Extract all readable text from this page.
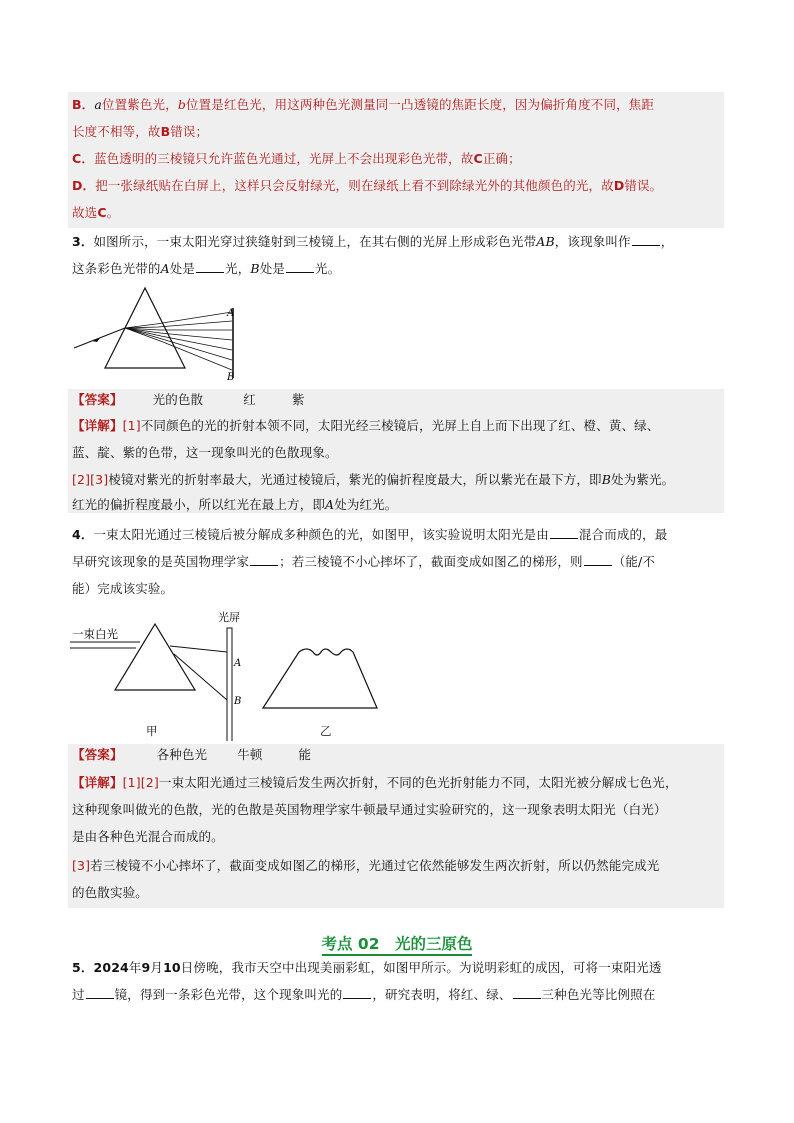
B．a位置紫色光，b位置是红色光，用这两种色光测量同一凸透镜的焦距长度，因为偏折角度不同，焦距
长度不相等，故B错误；
C．蓝色透明的三棱镜只允许蓝色光通过，光屏上不会出现彩色光带，故C正确；
D．把一张绿纸贴在白屏上，这样只会反射绿光，则在绿纸上看不到除绿光外的其他颜色的光，故D错误。
故选C。
3．如图所示，一束太阳光穿过狭缝射到三棱镜上，在其右侧的光屏上形成彩色光带AB，该现象叫作 ，
这条彩色光带的A处是 光，B处是 光。
A
B
【答案】 光的色散	红	紫
【详解】[1]不同颜色的光的折射本领不同，太阳光经三棱镜后，光屏上自上而下出现了红、橙、黄、绿、
蓝、靛、紫的色带，这一现象叫光的色散现象。
[2][3]棱镜对紫光的折射率最大，光通过棱镜后，紫光的偏折程度最大，所以紫光在最下方，即B处为紫光。
红光的偏折程度最小，所以红光在最上方，即A处为红光。
4．一束太阳光通过三棱镜后被分解成多种颜色的光，如图甲，该实验说明太阳光是由 混合而成的，最
早研究该现象的是英国物理学家 ；若三棱镜不小心摔坏了，截面变成如图乙的梯形，则 （能/不
能）完成该实验。
一束白光
光屏
A
B
甲	乙
【答案】	各种色光 牛顿	能
【详解】[1][2]一束太阳光通过三棱镜后发生两次折射，不同的色光折射能力不同，太阳光被分解成七色光，
这种现象叫做光的色散，光的色散是英国物理学家牛顿最早通过实验研究的，这一现象表明太阳光（白光）
是由各种色光混合而成的。
[3]若三棱镜不小心摔坏了，截面变成如图乙的梯形，光通过它依然能够发生两次折射，所以仍然能完成光
的色散实验。
考点 02　光的三原色
5．2024年9月10日傍晚，我市天空中出现美丽彩虹，如图甲所示。为说明彩虹的成因，可将一束阳光透
过 镜，得到一条彩色光带，这个现象叫光的 ，研究表明，将红、绿、 三种色光等比例照在
